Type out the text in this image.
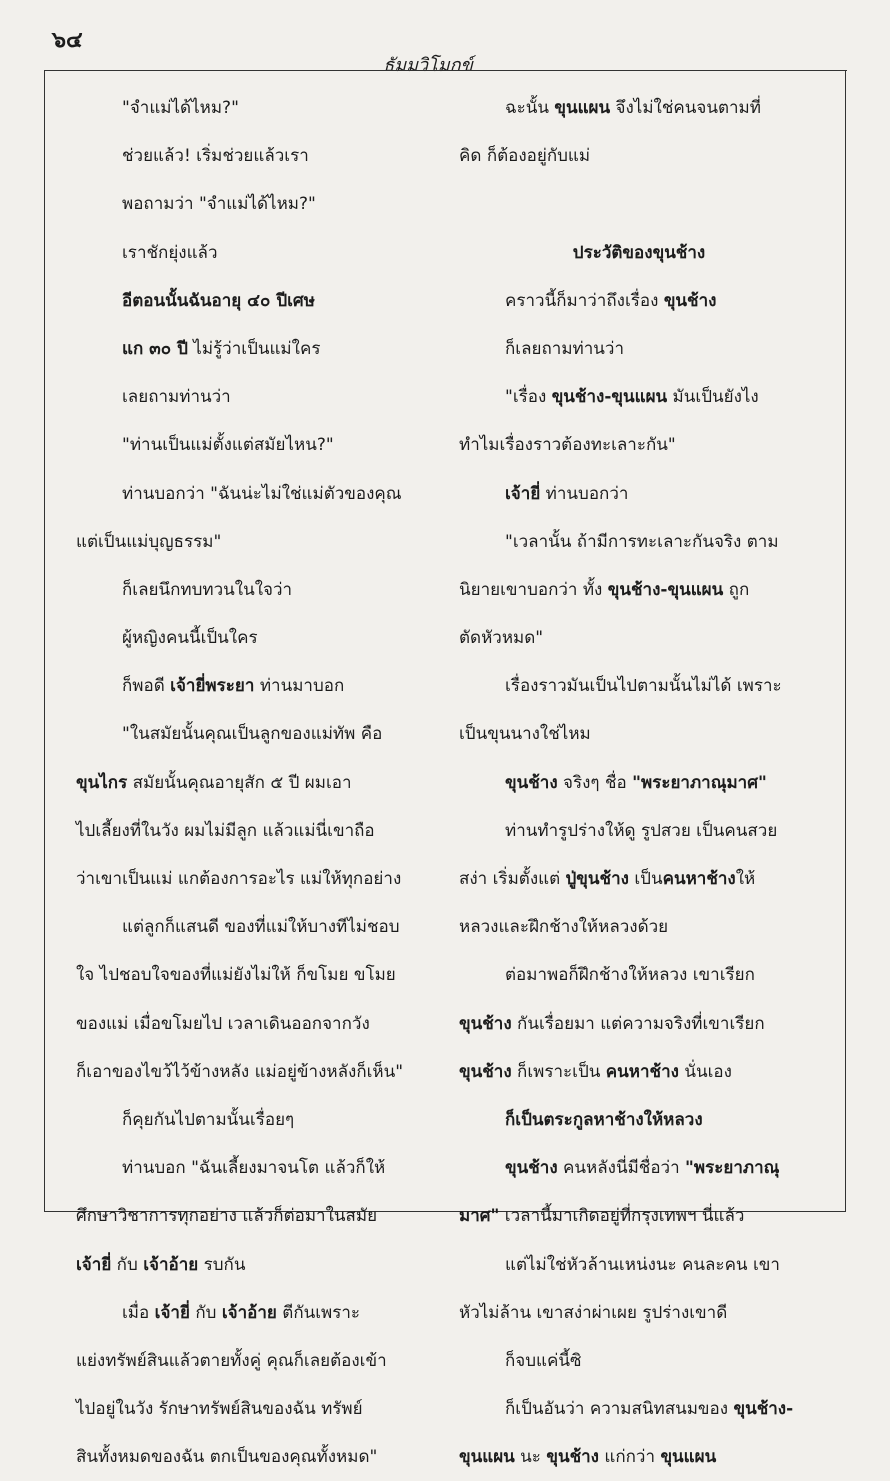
๖๔
ธัมมวิโมกข์
"จำแม่ได้ไหม?"
ช่วยแล้ว! เริ่มช่วยแล้วเรา
พอถามว่า "จำแม่ได้ไหม?"
เราชักยุ่งแล้ว
อีตอนนั้นฉันอายุ ๔๐ ปีเศษ
แก ๓๐ ปี ไม่รู้ว่าเป็นแม่ใคร
เลยถามท่านว่า
"ท่านเป็นแม่ตั้งแต่สมัยไหน?"
ท่านบอกว่า "ฉันน่ะไม่ใช่แม่ตัวของคุณ
แต่เป็นแม่บุญธรรม"
ก็เลยนึกทบทวนในใจว่า
ผู้หญิงคนนี้เป็นใคร
ก็พอดี เจ้ายี่พระยา ท่านมาบอก
"ในสมัยนั้นคุณเป็นลูกของแม่ทัพ คือ
ขุนไกร สมัยนั้นคุณอายุสัก ๕ ปี ผมเอา
ไปเลี้ยงที่ในวัง ผมไม่มีลูก แล้วแม่นี่เขาถือ
ว่าเขาเป็นแม่ แกต้องการอะไร แม่ให้ทุกอย่าง
แต่ลูกก็แสนดี ของที่แม่ให้บางทีไม่ชอบ
ใจ ไปชอบใจของที่แม่ยังไม่ให้ ก็ขโมย ขโมย
ของแม่ เมื่อขโมยไป เวลาเดินออกจากวัง
ก็เอาของไขว้ไว้ข้างหลัง แม่อยู่ข้างหลังก็เห็น"
ก็คุยกันไปตามนั้นเรื่อยๆ
ท่านบอก "ฉันเลี้ยงมาจนโต แล้วก็ให้
ศึกษาวิชาการทุกอย่าง แล้วก็ต่อมาในสมัย
เจ้ายี่ กับ เจ้าอ้าย รบกัน
เมื่อ เจ้ายี่ กับ เจ้าอ้าย ตีกันเพราะ
แย่งทรัพย์สินแล้วตายทั้งคู่ คุณก็เลยต้องเข้า
ไปอยู่ในวัง รักษาทรัพย์สินของฉัน ทรัพย์
สินทั้งหมดของฉัน ตกเป็นของคุณทั้งหมด"
ฉะนั้น ขุนแผน จึงไม่ใช่คนจนตามที่
คิด ก็ต้องอยู่กับแม่
ประวัติของขุนช้าง
คราวนี้ก็มาว่าถึงเรื่อง ขุนช้าง
ก็เลยถามท่านว่า
"เรื่อง ขุนช้าง-ขุนแผน มันเป็นยังไง
ทำไมเรื่องราวต้องทะเลาะกัน"
เจ้ายี่ ท่านบอกว่า
"เวลานั้น ถ้ามีการทะเลาะกันจริง ตาม
นิยายเขาบอกว่า ทั้ง ขุนช้าง-ขุนแผน ถูก
ตัดหัวหมด"
เรื่องราวมันเป็นไปตามนั้นไม่ได้ เพราะ
เป็นขุนนางใช่ไหม
ขุนช้าง จริงๆ ชื่อ "พระยาภาณุมาศ"
ท่านทำรูปร่างให้ดู รูปสวย เป็นคนสวย
สง่า เริ่มตั้งแต่ ปู่ขุนช้าง เป็นคนหาช้างให้
หลวงและฝึกช้างให้หลวงด้วย
ต่อมาพอก็ฝึกช้างให้หลวง เขาเรียก
ขุนช้าง กันเรื่อยมา แต่ความจริงที่เขาเรียก
ขุนช้าง ก็เพราะเป็น คนหาช้าง นั่นเอง
ก็เป็นตระกูลหาช้างให้หลวง
ขุนช้าง คนหลังนี่มีชื่อว่า "พระยาภาณุ
มาศ" เวลานี้มาเกิดอยู่ที่กรุงเทพฯ นี่แล้ว
แต่ไม่ใช่หัวล้านเหน่งนะ คนละคน เขา
หัวไม่ล้าน เขาสง่าผ่าเผย รูปร่างเขาดี
ก็จบแค่นี้ซิ
ก็เป็นอันว่า ความสนิทสนมของ ขุนช้าง-
ขุนแผน นะ ขุนช้าง แก่กว่า ขุนแผน
